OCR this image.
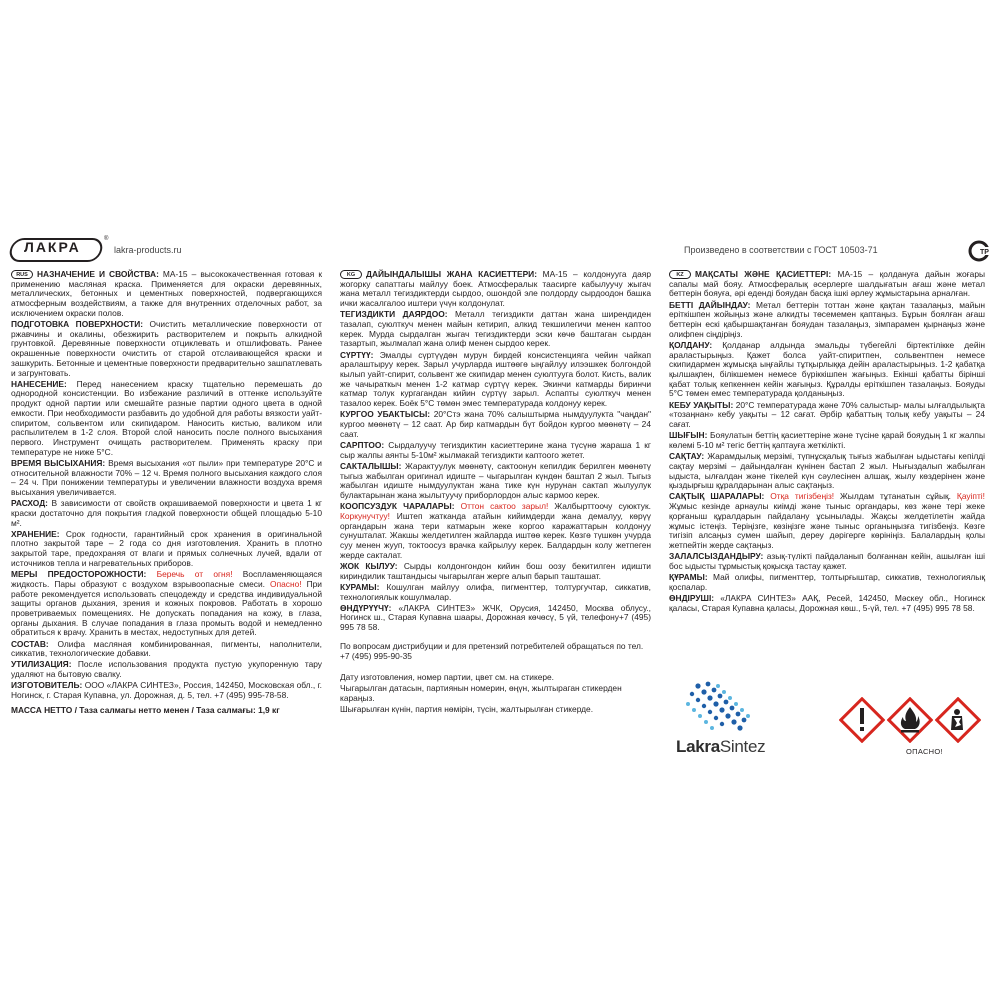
ЛАКРА	®
lakra-products.ru	Произведено в соответствии с ГОСТ 10503-71	ТР

RUS НАЗНАЧЕНИЕ И СВОЙСТВА: МА-15 – высококачественная готовая к применению масляная краска. Применяется для окраски деревянных, металлических, бетонных и цементных поверхностей, подвергающихся атмосферным воздействиям, а также для внутренних отделочных работ, за исключением окраски полов.

ПОДГОТОВКА ПОВЕРХНОСТИ: Очистить металлические поверхности от ржавчины и окалины, обезжирить растворителем и покрыть алкидной грунтовкой. Деревянные поверхности отциклевать и отшлифовать. Ранее окрашенные поверхности очистить от старой отслаивающейся краски и зашкурить. Бетонные и цементные поверхности предварительно зашпатлевать и загрунтовать.

НАНЕСЕНИЕ: Перед нанесением краску тщательно перемешать до однородной консистенции. Во избежание различий в оттенке используйте продукт одной партии или смешайте разные партии одного цвета в одной емкости. При необходимости разбавить до удобной для работы вязкости уайт-спиритом, сольвентом или скипидаром. Наносить кистью, валиком или распылителем в 1-2 слоя. Второй слой наносить после полного высыхания первого. Инструмент очищать растворителем. Применять краску при температуре не ниже 5°С.

ВРЕМЯ ВЫСЫХАНИЯ: Время высыхания «от пыли» при температуре 20°С и относительной влажности 70% – 12 ч. Время полного высыхания каждого слоя – 24 ч. При понижении температуры и увеличении влажности воздуха время высыхания увеличивается.

РАСХОД: В зависимости от свойств окрашиваемой поверхности и цвета 1 кг краски достаточно для покрытия гладкой поверхности общей площадью 5-10 м².

ХРАНЕНИЕ: Срок годности, гарантийный срок хранения в оригинальной плотно закрытой таре – 2 года со дня изготовления. Хранить в плотно закрытой таре, предохраняя от влаги и прямых солнечных лучей, вдали от источников тепла и нагревательных приборов.

МЕРЫ ПРЕДОСТОРОЖНОСТИ: Беречь от огня! Воспламеняющаяся жидкость. Пары образуют с воздухом взрывоопасные смеси. Опасно! При работе рекомендуется использовать спецодежду и средства индивидуальной защиты органов дыхания, зрения и кожных покровов. Работать в хорошо проветриваемых помещениях. Не допускать попадания на кожу, в глаза, органы дыхания. В случае попадания в глаза промыть водой и немедленно обратиться к врачу. Хранить в местах, недоступных для детей.

СОСТАВ: Олифа масляная комбинированная, пигменты, наполнители, сиккатив, технологические добавки.

УТИЛИЗАЦИЯ: После использования продукта пустую укупоренную тару удаляют на бытовую свалку.

ИЗГОТОВИТЕЛЬ: ООО «ЛАКРА СИНТЕЗ», Россия, 142450, Московская обл., г. Ногинск, г. Старая Купавна, ул. Дорожная, д. 5, тел. +7 (495) 995-78-58.

МАССА НЕТТО / Таза салмагы нетто менен / Таза салмағы: 1,9 кг

KG ДАЙЫНДАЛЫШЫ ЖАНА КАСИЕТТЕРИ: МА-15 – колдонууга даяр жогорку сапаттагы майлуу боек. Атмосфералык таасирге кабылуучу жыгач жана металл тегиздиктерди сырдоо, ошондой эле полдорду сырдоодон башка ички жасалгалоо иштери үчүн колдонулат.

ТЕГИЗДИКТИ ДАЯРДОО: Металл тегиздикти даттан жана ширендиден тазалап, суюлткуч менен майын кетирип, алкид текшилегичи менен каптоо керек. Мурда сырдалган жыгач тегиздиктерди эски көчө баштаган сырдан тазартып, жылмалап жана олиф менен сырдоо керек.

СҮРТҮҮ: Эмалды сүртүүдөн мурун бирдей консистенцияга чейин чайкап аралаштыруу керек. Зарыл учурларда иштөөгө ыңгайлуу илээшкек болгондой кылып уайт-спирит, сольвент же скипидар менен суюлтууга болот. Кисть, валик же чачыраткыч менен 1-2 катмар сүртүү керек. Экинчи катмарды биринчи катмар толук кургагандан кийин сүртүү зарыл. Аспапты суюлткуч менен тазалоо керек. Боёк 5°С төмөн эмес температурада колдонуу керек.

КУРГОО УБАКТЫСЫ: 20°Стэ жана 70% салыштырма нымдуулукта "чаңдан" кургоо мөөнөтү – 12 саат. Ар бир катмардын бүт бойдон кургоо мөөнөтү – 24 саат.

САРПТОО: Сырдалуучу тегиздиктин касиеттерине жана түсүнө жараша 1 кг сыр жалпы аянты 5-10м² жылмакай тегиздикти каптоого жетет.

САКТАЛЫШЫ: Жарактуулук мөөнөтү, сактоонун кепилдик берилген мөөнөтү тыгыз жабылган оригинал идиште – чыгарылган күндөн баштап 2 жыл. Тыгыз жабылган идиште нымдуулуктан жана тике күн нурунан сактап жылуулук булактарынан жана жылытуучу приборлордон алыс кармоо керек.

КООПСУЗДУК ЧАРАЛАРЫ: Оттон сактоо зарыл! Жалбырттоочу суюктук. Коркунучтуу! Иштеп жатканда атайын кийимдерди жана демалуу, көрүү органдарын жана тери катмарын жеке коргоо каражаттарын колдонуу сунушталат. Жакшы желдетилген жайларда иштөө керек. Көзгө түшкөн учурда суу менен жууп, токтоосуз врачка кайрылуу керек. Балдардын колу жетпеген жерде сакталат.

ЖОК КЫЛУУ: Сырды колдонгондон кийин бош оозу бекитилген идишти кириндилик таштандысы чыгарылган жерге алып барып ташташат.

КУРАМЫ: Кошулган майлуу олифа, пигменттер, толтургучтар, сиккатив, технологиялык кошулмалар.

ӨНДҮРҮҮЧҮ: «ЛАКРА СИНТЕЗ» ЖЧК, Орусия, 142450, Москва облусу., Ногинск ш., Старая Купавна шаары, Дорожная көчөсү, 5 үй, телефону+7 (495) 995 78 58.

По вопросам дистрибуции и для претензий потребителей обращаться по тел. +7 (495) 995-90-35

Дату изготовления, номер партии, цвет см. на стикере.

Чыгарылган датасын, партиянын номерин, өңүн, жылтыраган стикерден караңыз.

Шығарылған күнін, партия нөмірін, түсін, жалтырылған стикерде.

KZ МАҚСАТЫ ЖӘНЕ ҚАСИЕТТЕРІ: МА-15 – қолдануға дайын жоғары сапалы май бояу. Атмосфералық әсерлерге шалдығатын ағаш және метал беттерін бояуға, әрі еденді бояудан басқа ішкі әрлеу жұмыстарына арналған.

БЕТТІ ДАЙЫНДАУ: Метал беттерін тоттан және қақтан тазалаңыз, майын еріткішпен жойыңыз және алкидты төсемемен қаптаңыз. Бұрын боялған ағаш беттерін ескі қабыршақтанған бояудан тазалаңыз, зімпарамен қырнаңыз және олифпен сіңдіріңіз.

ҚОЛДАНУ: Қолданар алдында эмальды түбегейлі біртектілікке дейін араластырыңыз. Қажет болса уайт-спиритпен, сольвентпен немесе скипидармен жұмысқа ыңғайлы тұтқырлыққа дейін араластырыңыз. 1-2 қабатқа қылшақпен, білікшемен немесе бүріккішпен жағыңыз. Екінші қабатты бірінші қабат толық кепкеннен кейін жағыңыз. Құралды еріткішпен тазалаңыз. Бояуды 5°С төмен емес температурада қолданыңыз.

КЕБУ УАҚЫТЫ: 20°С температурада және 70% салыстыр- малы ылғалдылықта «тозаңнан» кебу уақыты – 12 сағат. Әрбір қабаттың толық кебу уақыты – 24 сағат.

ШЫҒЫН: Бояулатын беттің қасиеттеріне және түсіне қарай бояудың 1 кг жалпы көлемі 5-10 м² тегіс беттің қаптауға жеткілікті.

САҚТАУ: Жарамдылық мерзімі, түпнұсқалық тығыз жабылған ыдыстағы кепілді сақтау мерзімі – дайындалған күнінен бастап 2 жыл. Нығыздалып жабылған ыдыста, ылғалдан және тікелей күн сәулесінен алшақ, жылу көздерінен және қыздырғыш құралдарынан алыс сақтаңыз.

САҚТЫҚ ШАРАЛАРЫ: Отқа тигізбеңіз! Жылдам тұтанатын сұйық. Қауіпті! Жұмыс кезінде арнаулы киімді және тыныс органдары, көз және тері жеке қорғаныш құралдарын пайдалану ұсынылады. Жақсы желдетілетін жайда жұмыс істеңіз. Теріңізге, көзіңізге және тыныс органыңызға тигізбеңіз. Көзге тигізіп алсаңыз сумен шайып, дереу дәрігерге көрініңіз. Балалардың қолы жетпейтін жерде сақтаңыз.

ЗАЛАЛСЫЗДАНДЫРУ: азық-түлікті пайдаланып болғаннан кейін, ашылған іші бос ыдысты тұрмыстық қоқысқа тастау қажет.

ҚҰРАМЫ: Май олифы, пигменттер, толтырғыштар, сиккатив, технологиялық қоспалар.

ӨНДІРУШІ: «ЛАКРА СИНТЕЗ» ААҚ, Ресей, 142450, Мәскеу обл., Ногинск қаласы, Старая Купавна қаласы, Дорожная көш., 5-үй, тел. +7 (495) 995 78 58.

LakraSintez	ОПАСНО!
